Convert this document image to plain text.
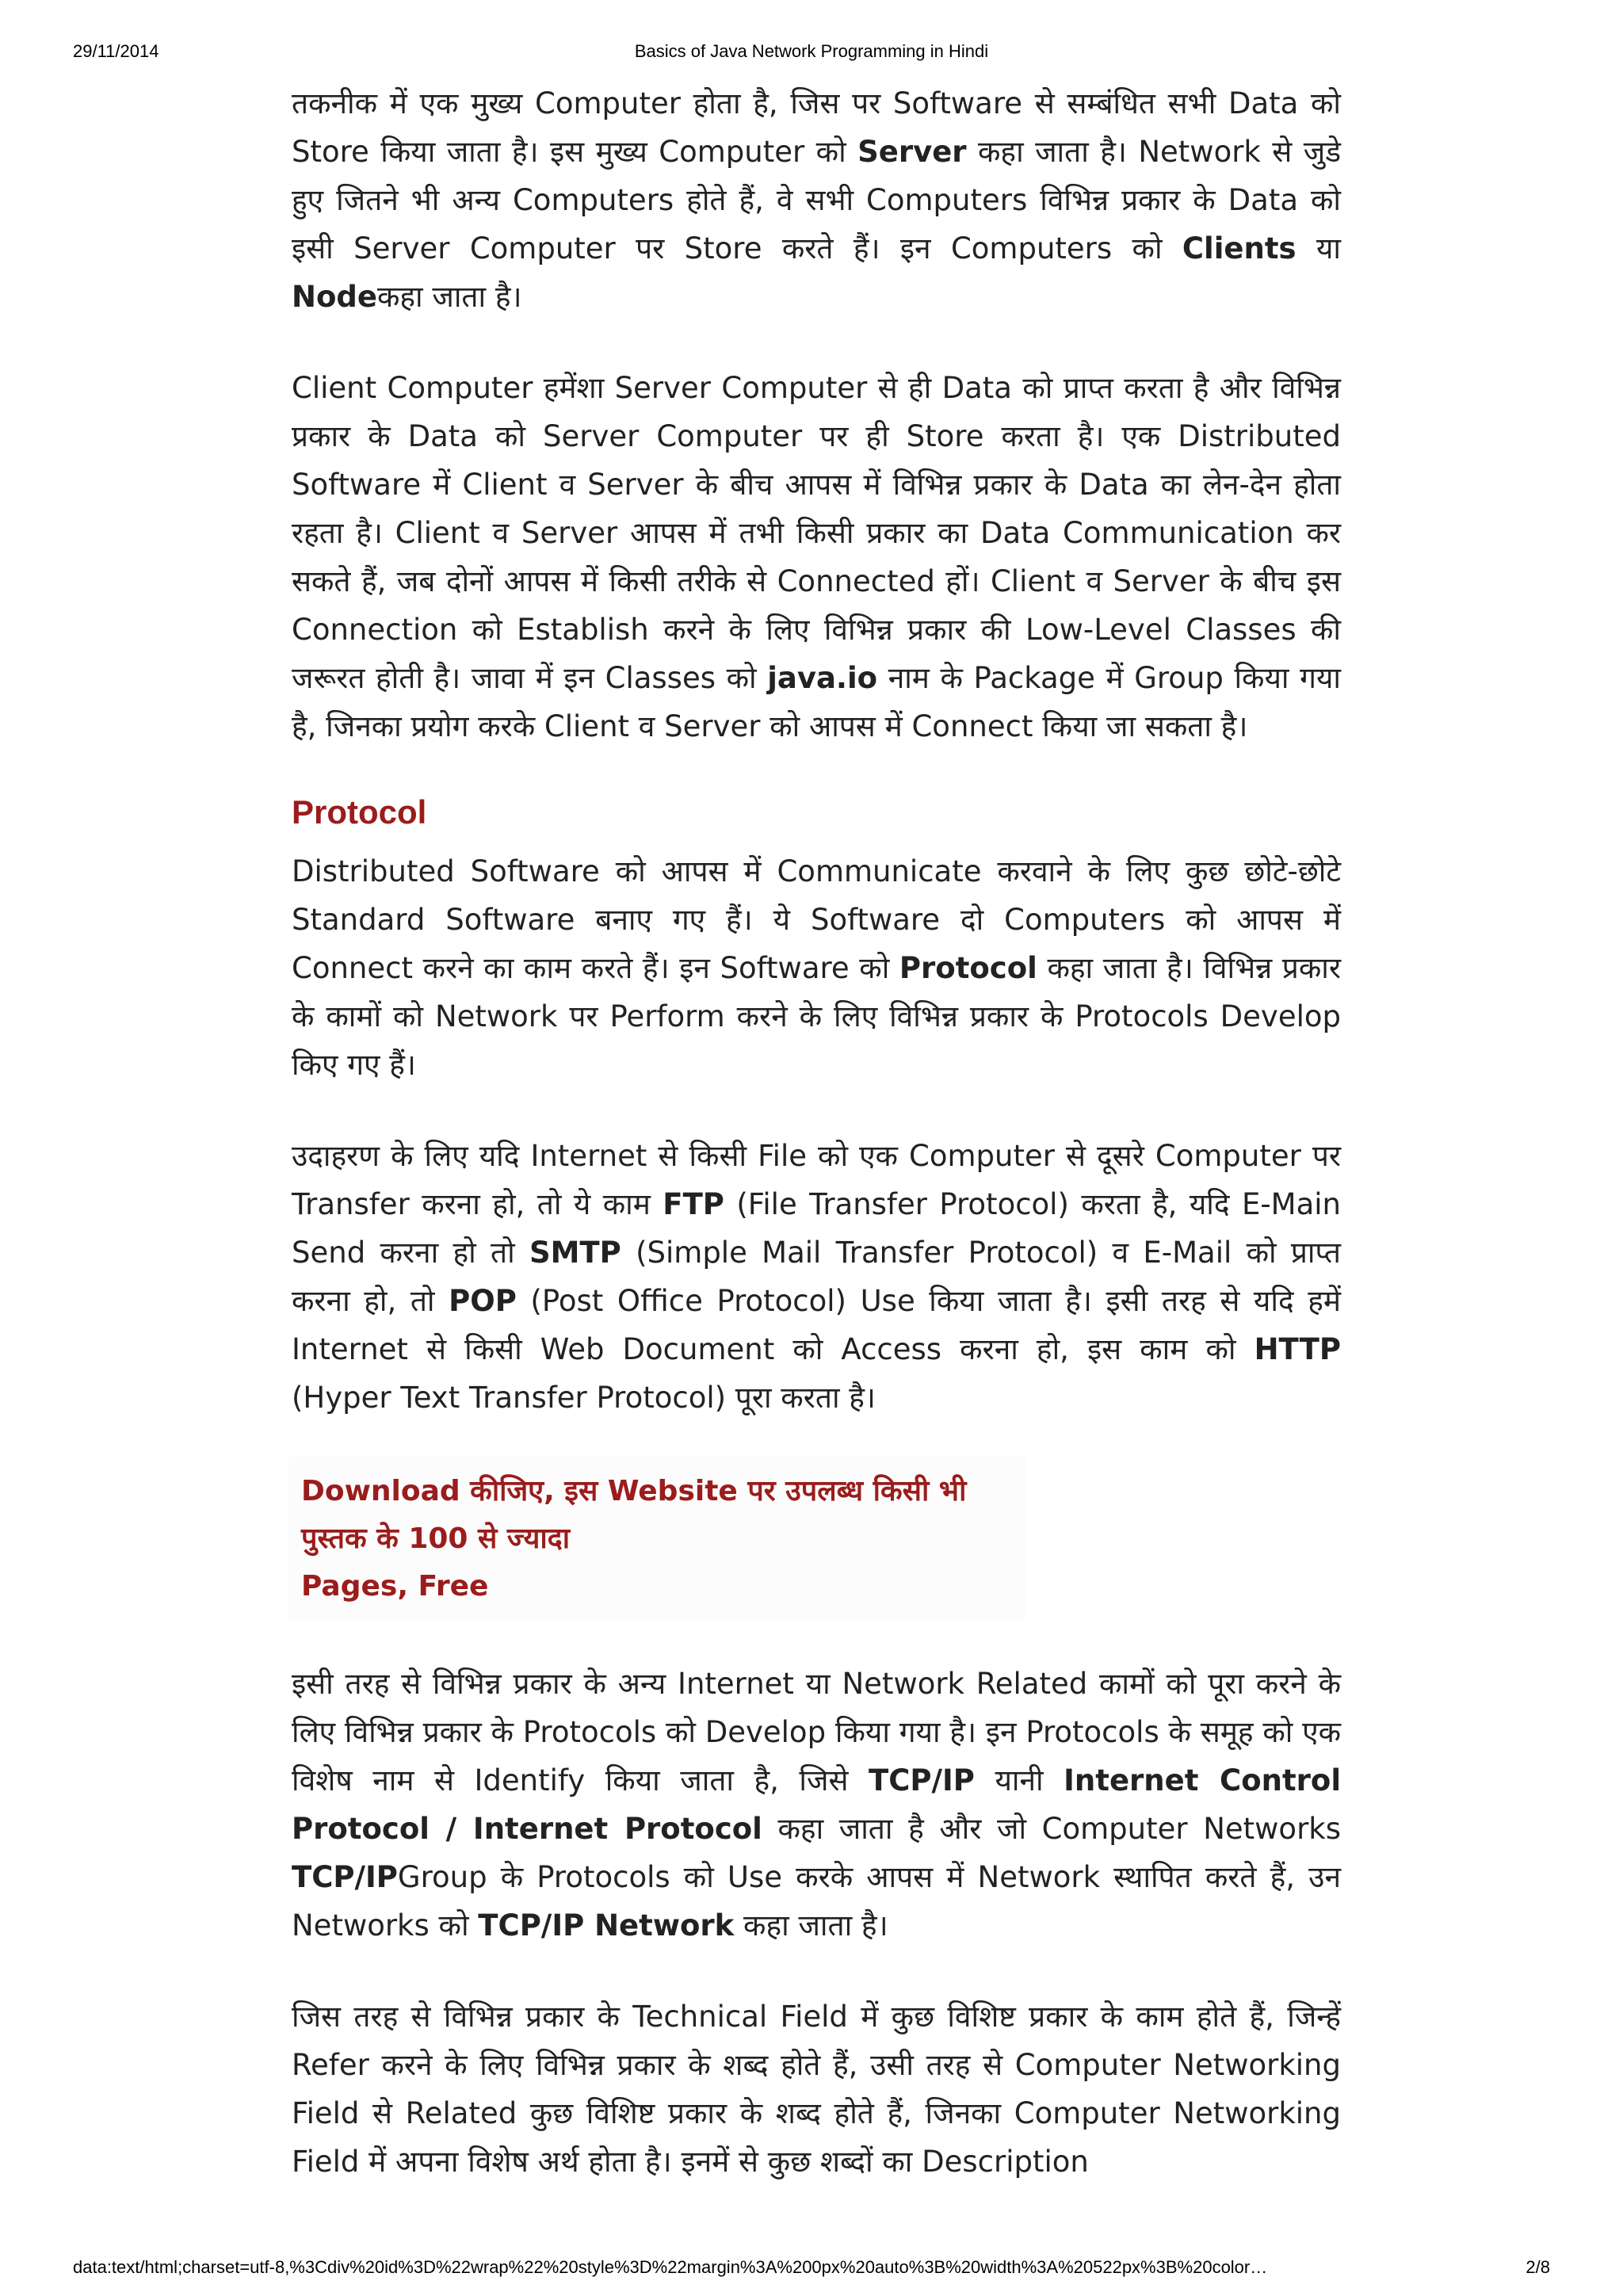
29/11/2014	Basics of Java Network Programming in Hindi

तकनीक में एक मुख्य Computer होता है, जिस पर Software से सम्बंधित सभी Data को Store किया जाता है। इस मुख्य Computer को Server कहा जाता है। Network से जुडे हुए जितने भी अन्य Computers होते हैं, वे सभी Computers विभिन्न प्रकार के Data को इसी Server Computer पर Store करते हैं। इन Computers को Clients या Nodeकहा जाता है।

Client Computer हमेंशा Server Computer से ही Data को प्राप्त करता है और विभिन्न प्रकार के Data को Server Computer पर ही Store करता है। एक Distributed Software में Client व Server के बीच आपस में विभिन्न प्रकार के Data का लेन-देन होता रहता है। Client व Server आपस में तभी किसी प्रकार का Data Communication कर सकते हैं, जब दोनों आपस में किसी तरीके से Connected हों। Client व Server के बीच इस Connection को Establish करने के लिए विभिन्न प्रकार की Low-Level Classes की जरूरत होती है। जावा में इन Classes को java.io नाम के Package में Group किया गया है, जिनका प्रयोग करके Client व Server को आपस में Connect किया जा सकता है।

Protocol

Distributed Software को आपस में Communicate करवाने के लिए कुछ छोटे-छोटे Standard Software बनाए गए हैं। ये Software दो Computers को आपस में Connect करने का काम करते हैं। इन Software को Protocol कहा जाता है। विभिन्न प्रकार के कामों को Network पर Perform करने के लिए विभिन्न प्रकार के Protocols Develop किए गए हैं।

उदाहरण के लिए यदि Internet से किसी File को एक Computer से दूसरे Computer पर Transfer करना हो, तो ये काम FTP (File Transfer Protocol) करता है, यदि E-Main Send करना हो तो SMTP (Simple Mail Transfer Protocol) व E-Mail को प्राप्त करना हो, तो POP (Post Office Protocol) Use किया जाता है। इसी तरह से यदि हमें Internet से किसी Web Document को Access करना हो, इस काम को HTTP (Hyper Text Transfer Protocol) पूरा करता है।

Download कीजिए, इस Website पर उपलब्ध किसी भी पुस्तक के 100 से ज्यादा
Pages, Free

इसी तरह से विभिन्न प्रकार के अन्य Internet या Network Related कामों को पूरा करने के लिए विभिन्न प्रकार के Protocols को Develop किया गया है। इन Protocols के समूह को एक विशेष नाम से Identify किया जाता है, जिसे TCP/IP यानी Internet Control Protocol / Internet Protocol कहा जाता है और जो Computer Networks TCP/IPGroup के Protocols को Use करके आपस में Network स्थापित करते हैं, उन Networks को TCP/IP Network कहा जाता है।

जिस तरह से विभिन्न प्रकार के Technical Field में कुछ विशिष्ट प्रकार के काम होते हैं, जिन्हें Refer करने के लिए विभिन्न प्रकार के शब्द होते हैं, उसी तरह से Computer Networking Field से Related कुछ विशिष्ट प्रकार के शब्द होते हैं, जिनका Computer Networking Field में अपना विशेष अर्थ होता है। इनमें से कुछ शब्दों का Description

data:text/html;charset=utf-8,%3Cdiv%20id%3D%22wrap%22%20style%3D%22margin%3A%200px%20auto%3B%20width%3A%20522px%3B%20color…	2/8
